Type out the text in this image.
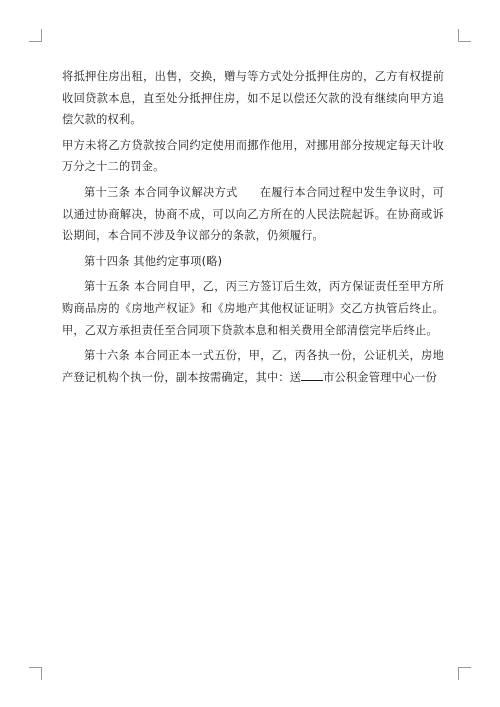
将抵押住房出租，出售，交换，赠与等方式处分抵押住房的，乙方有权提前收回贷款本息，直至处分抵押住房，如不足以偿还欠款的没有继续向甲方追偿欠款的权利。

甲方未将乙方贷款按合同约定使用而挪作他用，对挪用部分按规定每天计收万分之十二的罚金。

第十三条 本合同争议解决方式 在履行本合同过程中发生争议时，可以通过协商解决，协商不成，可以向乙方所在的人民法院起诉。在协商或诉讼期间，本合同不涉及争议部分的条款，仍须履行。

第十四条 其他约定事项(略)

第十五条 本合同自甲，乙，丙三方签订后生效，丙方保证责任至甲方所购商品房的《房地产权证》和《房地产其他权证证明》交乙方执管后终止。甲，乙双方承担责任至合同项下贷款本息和相关费用全部清偿完毕后终止。

第十六条 本合同正本一式五份，甲，乙，丙各执一份，公证机关，房地产登记机构个执一份，副本按需确定，其中：送 市公积金管理中心一份
